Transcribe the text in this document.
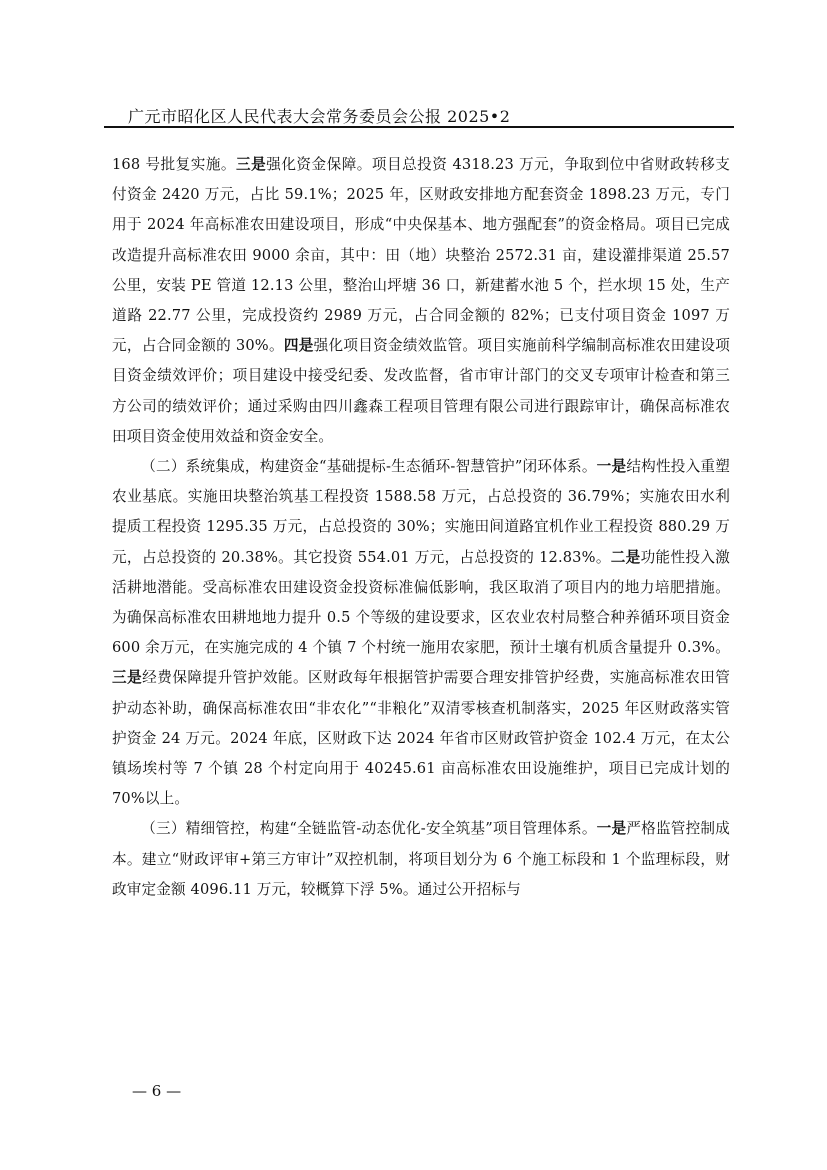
广元市昭化区人民代表大会常务委员会公报 2025•2

168 号批复实施。三是强化资金保障。项目总投资 4318.23 万元，争取到位中省财政转移支付资金 2420 万元，占比 59.1%；2025 年，区财政安排地方配套资金 1898.23 万元，专门用于 2024 年高标准农田建设项目，形成“中央保基本、地方强配套”的资金格局。项目已完成改造提升高标准农田 9000 余亩，其中：田（地）块整治 2572.31 亩，建设灌排渠道 25.57 公里，安装 PE 管道 12.13 公里，整治山坪塘 36 口，新建蓄水池 5 个，拦水坝 15 处，生产道路 22.77 公里，完成投资约 2989 万元，占合同金额的 82%；已支付项目资金 1097 万元，占合同金额的 30%。四是强化项目资金绩效监管。项目实施前科学编制高标准农田建设项目资金绩效评价；项目建设中接受纪委、发改监督，省市审计部门的交叉专项审计检查和第三方公司的绩效评价；通过采购由四川鑫森工程项目管理有限公司进行跟踪审计，确保高标准农田项目资金使用效益和资金安全。

（二）系统集成，构建资金“基础提标-生态循环-智慧管护”闭环体系。一是结构性投入重塑农业基底。实施田块整治筑基工程投资 1588.58 万元，占总投资的 36.79%；实施农田水利提质工程投资 1295.35 万元，占总投资的 30%；实施田间道路宜机作业工程投资 880.29 万元，占总投资的 20.38%。其它投资 554.01 万元，占总投资的 12.83%。二是功能性投入激活耕地潜能。受高标准农田建设资金投资标准偏低影响，我区取消了项目内的地力培肥措施。为确保高标准农田耕地地力提升 0.5 个等级的建设要求，区农业农村局整合种养循环项目资金 600 余万元，在实施完成的 4 个镇 7 个村统一施用农家肥，预计土壤有机质含量提升 0.3%。三是经费保障提升管护效能。区财政每年根据管护需要合理安排管护经费，实施高标准农田管护动态补助，确保高标准农田“非农化”“非粮化”双清零核查机制落实，2025 年区财政落实管护资金 24 万元。2024 年底，区财政下达 2024 年省市区财政管护资金 102.4 万元，在太公镇场埃村等 7 个镇 28 个村定向用于 40245.61 亩高标准农田设施维护，项目已完成计划的 70%以上。

（三）精细管控，构建“全链监管-动态优化-安全筑基”项目管理体系。一是严格监管控制成本。建立“财政评审+第三方审计”双控机制，将项目划分为 6 个施工标段和 1 个监理标段，财政审定金额 4096.11 万元，较概算下浮 5%。通过公开招标与

— 6 —
